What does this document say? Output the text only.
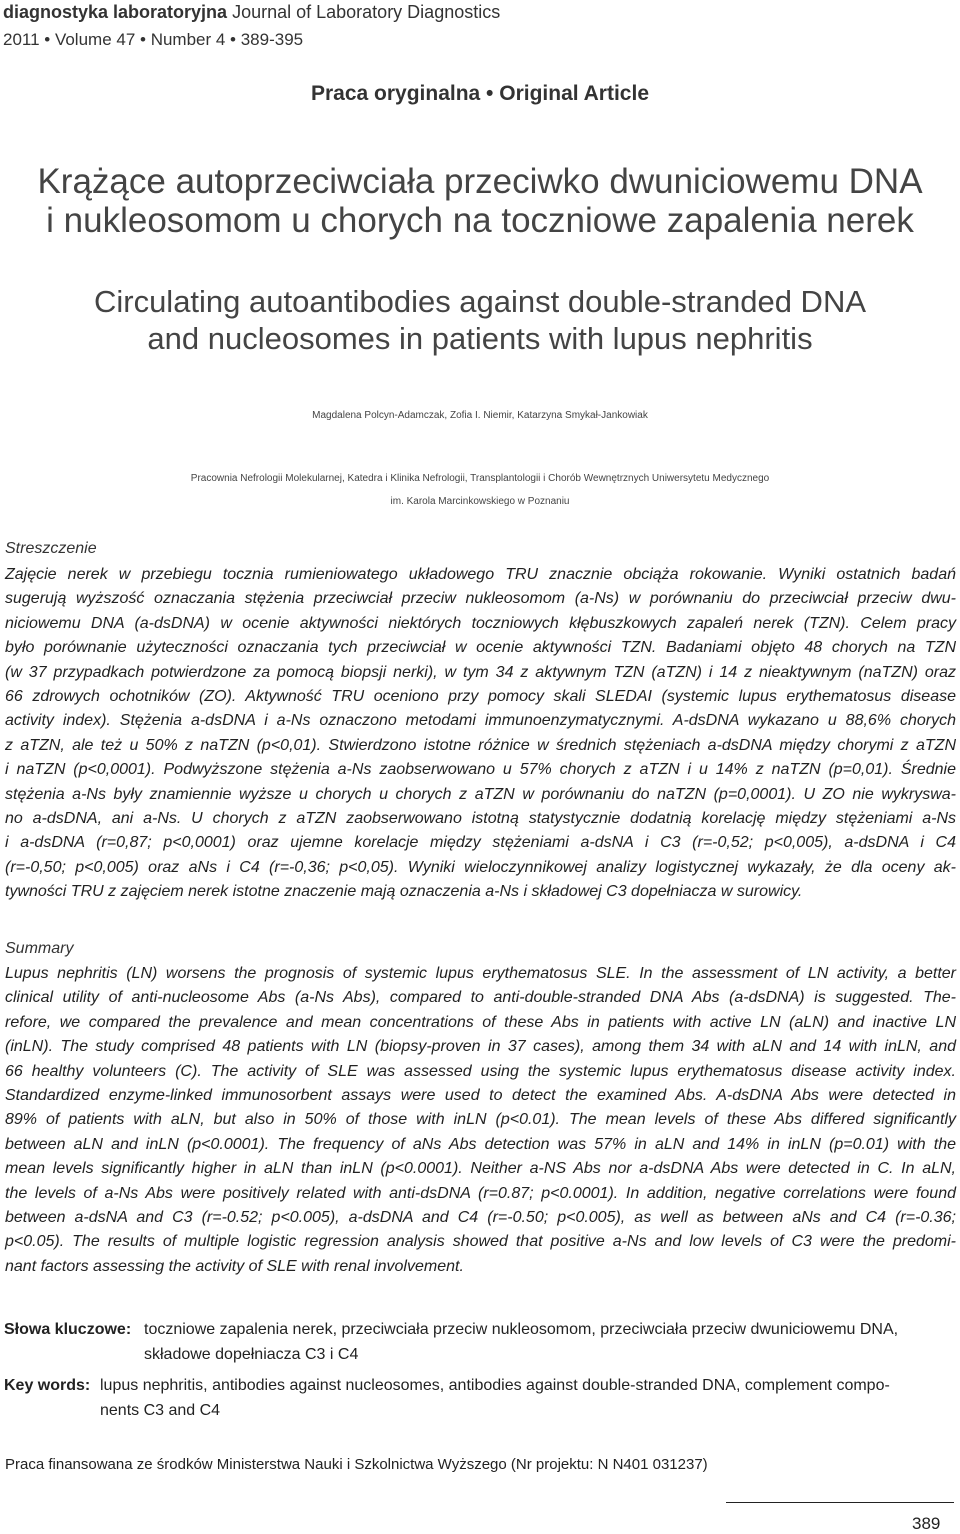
diagnostyka laboratoryjna Journal of Laboratory Diagnostics
2011 • Volume 47 • Number 4 • 389-395
Praca oryginalna • Original Article
Krążące autoprzeciwciała przeciwko dwuniciowemu DNA
i nukleosomom u chorych na toczniowe zapalenia nerek
Circulating autoantibodies against double-stranded DNA
and nucleosomes in patients with lupus nephritis
Magdalena Polcyn-Adamczak, Zofia I. Niemir, Katarzyna Smykał-Jankowiak
Pracownia Nefrologii Molekularnej, Katedra i Klinika Nefrologii, Transplantologii i Chorób Wewnętrznych Uniwersytetu Medycznego
im. Karola Marcinkowskiego w Poznaniu
Streszczenie
Zajęcie nerek w przebiegu tocznia rumieniowatego układowego TRU znacznie obciąża rokowanie. Wyniki ostatnich badań
sugerują wyższość oznaczania stężenia przeciwciał przeciw nukleosomom (a-Ns) w porównaniu do przeciwciał przeciw dwu-
niciowemu DNA (a-dsDNA) w ocenie aktywności niektórych toczniowych kłębuszkowych zapaleń nerek (TZN). Celem pracy
było porównanie użyteczności oznaczania tych przeciwciał w ocenie aktywności TZN. Badaniami objęto 48 chorych na TZN
(w 37 przypadkach potwierdzone za pomocą biopsji nerki), w tym 34 z aktywnym TZN (aTZN) i 14 z nieaktywnym (naTZN) oraz
66 zdrowych ochotników (ZO). Aktywność TRU oceniono przy pomocy skali SLEDAI (systemic lupus erythematosus disease
activity index). Stężenia a-dsDNA i a-Ns oznaczono metodami immunoenzymatycznymi. A-dsDNA wykazano u 88,6% chorych
z aTZN, ale też u 50% z naTZN (p<0,01). Stwierdzono istotne różnice w średnich stężeniach a-dsDNA między chorymi z aTZN
i naTZN (p<0,0001). Podwyższone stężenia a-Ns zaobserwowano u 57% chorych z aTZN i u 14% z naTZN (p=0,01). Średnie
stężenia a-Ns były znamiennie wyższe u chorych u chorych z aTZN w porównaniu do naTZN (p=0,0001). U ZO nie wykryswa-
no a-dsDNA, ani a-Ns. U chorych z aTZN zaobserwowano istotną statystycznie dodatnią korelację między stężeniami a-Ns
i a-dsDNA (r=0,87; p<0,0001) oraz ujemne korelacje między stężeniami a-dsNA i C3 (r=-0,52; p<0,005), a-dsDNA i C4
(r=-0,50; p<0,005) oraz aNs i C4 (r=-0,36; p<0,05). Wyniki wieloczynnikowej analizy logistycznej wykazały, że dla oceny ak-
tywności TRU z zajęciem nerek istotne znaczenie mają oznaczenia a-Ns i składowej C3 dopełniacza w surowicy.
Summary
Lupus nephritis (LN) worsens the prognosis of systemic lupus erythematosus SLE. In the assessment of LN activity, a better
clinical utility of anti-nucleosome Abs (a-Ns Abs), compared to anti-double-stranded DNA Abs (a-dsDNA) is suggested. The-
refore, we compared the prevalence and mean concentrations of these Abs in patients with active LN (aLN) and inactive LN
(inLN). The study comprised 48 patients with LN (biopsy-proven in 37 cases), among them 34 with aLN and 14 with inLN, and
66 healthy volunteers (C). The activity of SLE was assessed using the systemic lupus erythematosus disease activity index.
Standardized enzyme-linked immunosorbent assays were used to detect the examined Abs. A-dsDNA Abs were detected in
89% of patients with aLN, but also in 50% of those with inLN (p<0.01). The mean levels of these Abs differed significantly
between aLN and inLN (p<0.0001). The frequency of aNs Abs detection was 57% in aLN and 14% in inLN (p=0.01) with the
mean levels significantly higher in aLN than inLN (p<0.0001). Neither a-NS Abs nor a-dsDNA Abs were detected in C. In aLN,
the levels of a-Ns Abs were positively related with anti-dsDNA (r=0.87; p<0.0001). In addition, negative correlations were found
between a-dsNA and C3 (r=-0.52; p<0.005), a-dsDNA and C4 (r=-0.50; p<0.005), as well as between aNs and C4 (r=-0.36;
p<0.05). The results of multiple logistic regression analysis showed that positive a-Ns and low levels of C3 were the predomi-
nant factors assessing the activity of SLE with renal involvement.
Słowa kluczowe: toczniowe zapalenia nerek, przeciwciała przeciw nukleosomom, przeciwciała przeciw dwuniciowemu DNA,
składowe dopełniacza C3 i C4
Key words: lupus nephritis, antibodies against nucleosomes, antibodies against double-stranded DNA, complement compo-
nents C3 and C4
Praca finansowana ze środków Ministerstwa Nauki i Szkolnictwa Wyższego (Nr projektu: N N401 031237)
389
